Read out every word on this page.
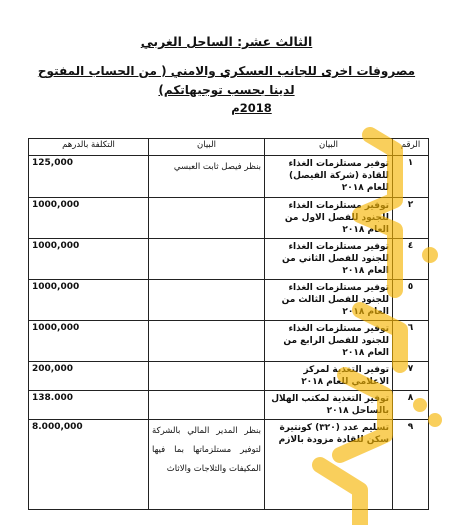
الثالث عشر: الساحل الغربي
مصروفات اخرى للجانب العسكري والامني ( من الحساب المفتوح
لدينا بحسب توجيهاتكم)
2018م
الرقم	البيان	البيان	التكلفة بالدرهم
١	توفير مستلزمات الغذاء للقادة (شركة الفيصل) للعام ٢٠١٨	بنظر فيصل ثابت العبسي	125,000
٢	توفير مستلزمات الغذاء للجنود للفصل الاول من العام ٢٠١٨		1000,000
٤	توفير مستلزمات الغذاء للجنود للفصل الثاني من العام ٢٠١٨		1000,000
٥	توفير مستلزمات الغذاء للجنود للفصل الثالث من العام ٢٠١٨		1000,000
٦	توفير مستلزمات الغذاء للجنود للفصل الرابع من العام ٢٠١٨		1000,000
٧	توفير التغذية لمركز الاعلامي للعام ٢٠١٨		200,000
٨	توفير التغذية لمكتب الهلال بالساحل ٢٠١٨		138.000
٩	تسليم عدد (٣٢٠) كونتيرة سكن للقادة مزودة بالازم	بنظر المدير المالي بالشركة لتوفير مستلزماتها بما فيها المكيفات والثلاجات والاثاث	8.000,000
